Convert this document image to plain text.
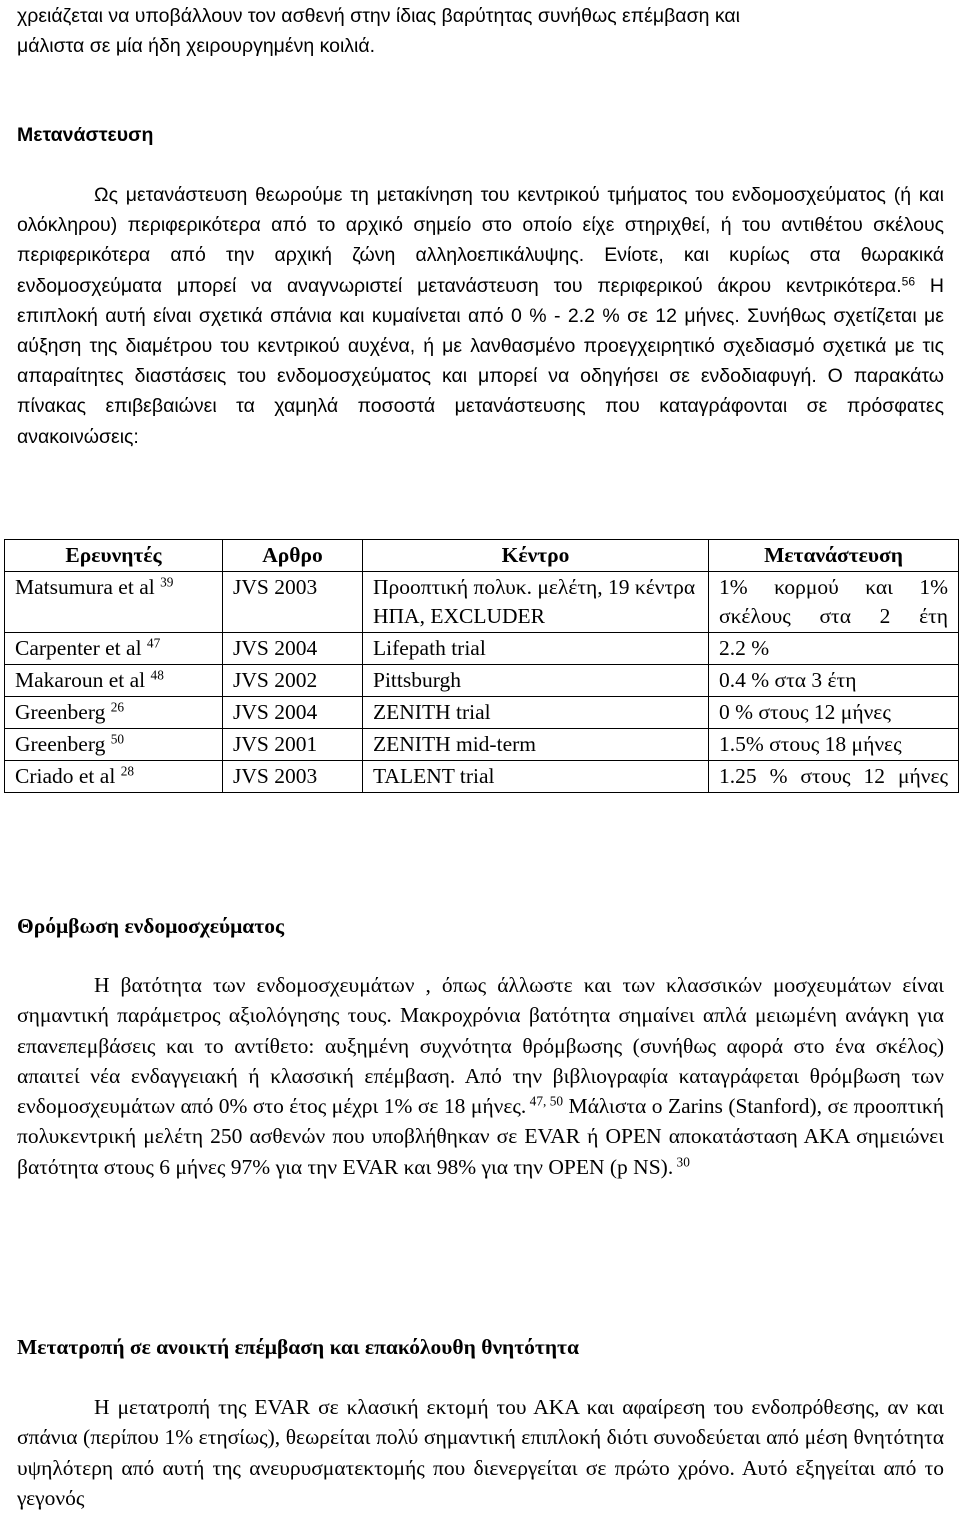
χρειάζεται να υποβάλλουν τον ασθενή στην ίδιας βαρύτητας συνήθως επέμβαση και

μάλιστα σε μία ήδη χειρουργημένη κοιλιά.

Μετανάστευση

Ως μετανάστευση θεωρούμε τη μετακίνηση του κεντρικού τμήματος του ενδομοσχεύματος (ή και ολόκληρου) περιφερικότερα από το αρχικό σημείο στο οποίο είχε στηριχθεί, ή του αντιθέτου σκέλους περιφερικότερα από την αρχική ζώνη αλληλοεπικάλυψης. Ενίοτε, και κυρίως στα θωρακικά ενδομοσχεύματα μπορεί να αναγνωριστεί μετανάστευση του περιφερικού άκρου κεντρικότερα.$^{56}$ Η επιπλοκή αυτή είναι σχετικά σπάνια και κυμαίνεται από 0 % - 2.2 % σε 12 μήνες. Συνήθως σχετίζεται με αύξηση της διαμέτρου του κεντρικού αυχένα, ή με λανθασμένο προεγχειρητικό σχεδιασμό σχετικά με τις απαραίτητες διαστάσεις του ενδομοσχεύματος και μπορεί να οδηγήσει σε ενδοδιαφυγή. Ο παρακάτω πίνακας επιβεβαιώνει τα χαμηλά ποσοστά μετανάστευσης που καταγράφονται σε πρόσφατες ανακοινώσεις:

Ερευνητές	Αρθρο	Κέντρο	Μετανάστευση
Matsumura et al $^{39}$	JVS 2003	Προοπτική πολυκ. μελέτη, 19 κέντρα ΗΠΑ, EXCLUDER	1% κορμού και 1% σκέλους στα 2 έτη
Carpenter et al $^{47}$	JVS 2004	Lifepath trial	2.2 %
Makaroun et al $^{48}$	JVS 2002	Pittsburgh	0.4 % στα 3 έτη
Greenberg $^{26}$	JVS 2004	ZENITH trial	0 % στους 12 μήνες
Greenberg $^{50}$	JVS 2001	ZENITH mid-term	1.5% στους 18 μήνες
Criado et al $^{28}$	JVS 2003	TALENT trial	1.25 % στους 12 μήνες
Θρόμβωση ενδομοσχεύματος

Η βατότητα των ενδομοσχευμάτων , όπως άλλωστε και των κλασσικών μοσχευμάτων είναι σημαντική παράμετρος αξιολόγησης τους. Μακροχρόνια βατότητα σημαίνει απλά μειωμένη ανάγκη για επανεπεμβάσεις και το αντίθετο: αυξημένη συχνότητα θρόμβωσης (συνήθως αφορά στο ένα σκέλος) απαιτεί νέα ενδαγγειακή ή κλασσική επέμβαση. Από την βιβλιογραφία καταγράφεται θρόμβωση των ενδομοσχευμάτων από 0% στο έτος μέχρι 1% σε 18 μήνες. $^{47, 50}$ Μάλιστα ο Zarins (Stanford), σε προοπτική πολυκεντρική μελέτη 250 ασθενών που υποβλήθηκαν σε EVAR ή OPEN αποκατάσταση ΑΚΑ σημειώνει βατότητα στους 6 μήνες 97% για την EVAR και 98% για την OPEN (p NS). $^{30}$

Μετατροπή σε ανοικτή επέμβαση και επακόλουθη θνητότητα

Η μετατροπή της EVAR σε κλασική εκτομή του ΑΚΑ και αφαίρεση του ενδοπρόθεσης, αν και σπάνια (περίπου 1% ετησίως), θεωρείται πολύ σημαντική επιπλοκή διότι συνοδεύεται από μέση θνητότητα υψηλότερη από αυτή της ανευρυσματεκτομής που διενεργείται σε πρώτο χρόνο. Αυτό εξηγείται από το γεγονός
